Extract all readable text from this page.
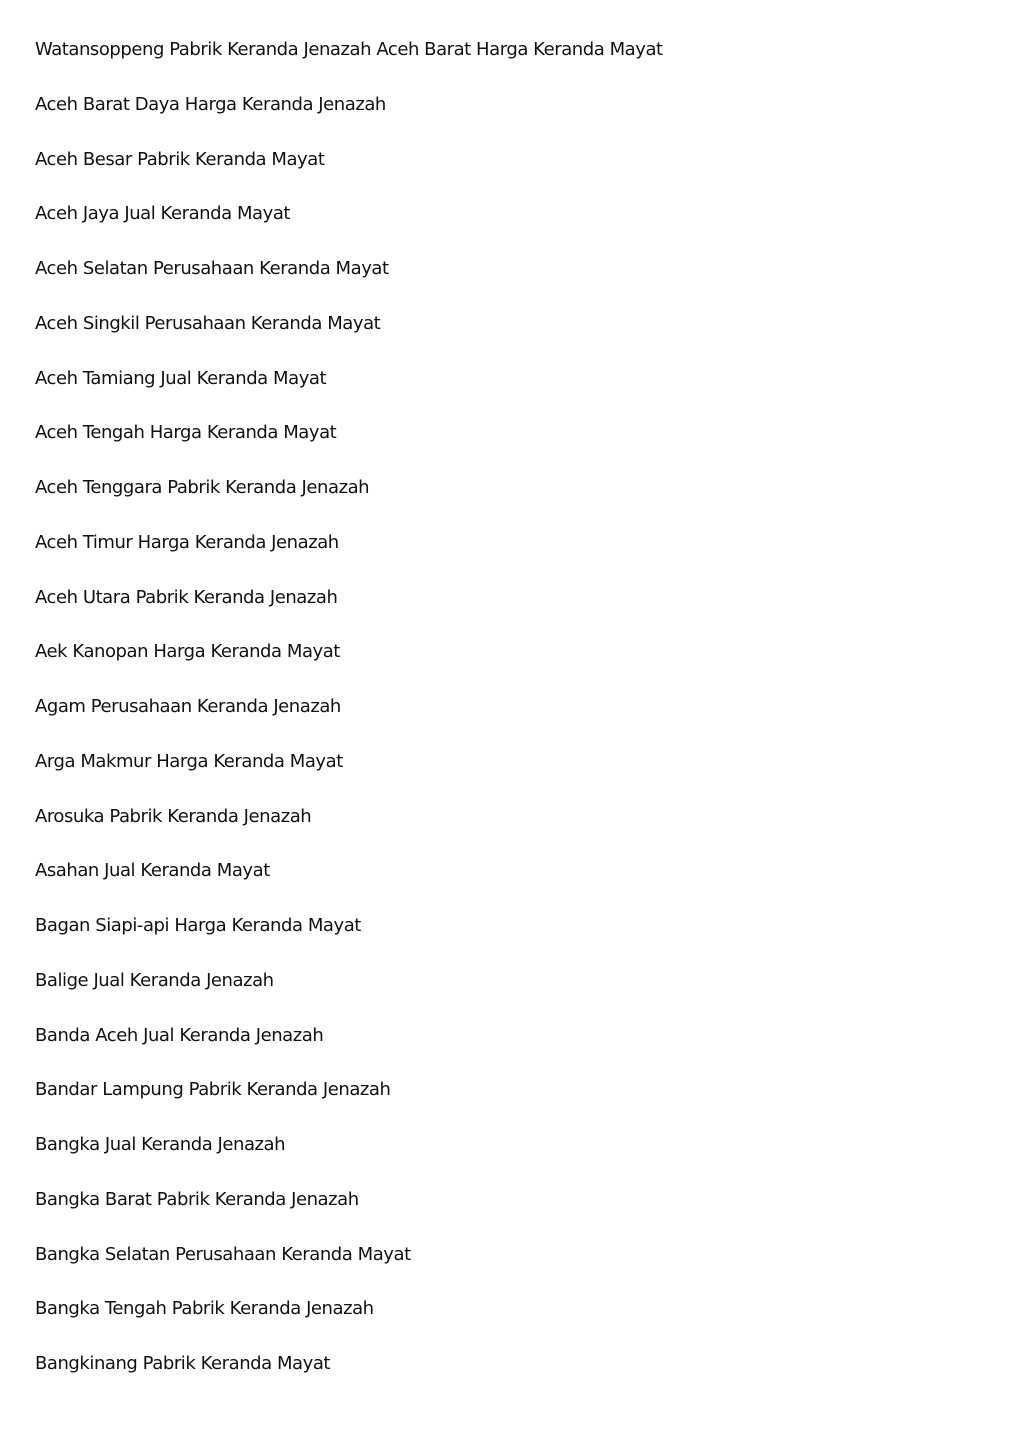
Watansoppeng Pabrik Keranda Jenazah Aceh Barat Harga Keranda Mayat
Aceh Barat Daya Harga Keranda Jenazah
Aceh Besar Pabrik Keranda Mayat
Aceh Jaya Jual Keranda Mayat
Aceh Selatan Perusahaan Keranda Mayat
Aceh Singkil Perusahaan Keranda Mayat
Aceh Tamiang Jual Keranda Mayat
Aceh Tengah Harga Keranda Mayat
Aceh Tenggara Pabrik Keranda Jenazah
Aceh Timur Harga Keranda Jenazah
Aceh Utara Pabrik Keranda Jenazah
Aek Kanopan Harga Keranda Mayat
Agam Perusahaan Keranda Jenazah
Arga Makmur Harga Keranda Mayat
Arosuka Pabrik Keranda Jenazah
Asahan Jual Keranda Mayat
Bagan Siapi-api Harga Keranda Mayat
Balige Jual Keranda Jenazah
Banda Aceh Jual Keranda Jenazah
Bandar Lampung Pabrik Keranda Jenazah
Bangka Jual Keranda Jenazah
Bangka Barat Pabrik Keranda Jenazah
Bangka Selatan Perusahaan Keranda Mayat
Bangka Tengah Pabrik Keranda Jenazah
Bangkinang Pabrik Keranda Mayat
